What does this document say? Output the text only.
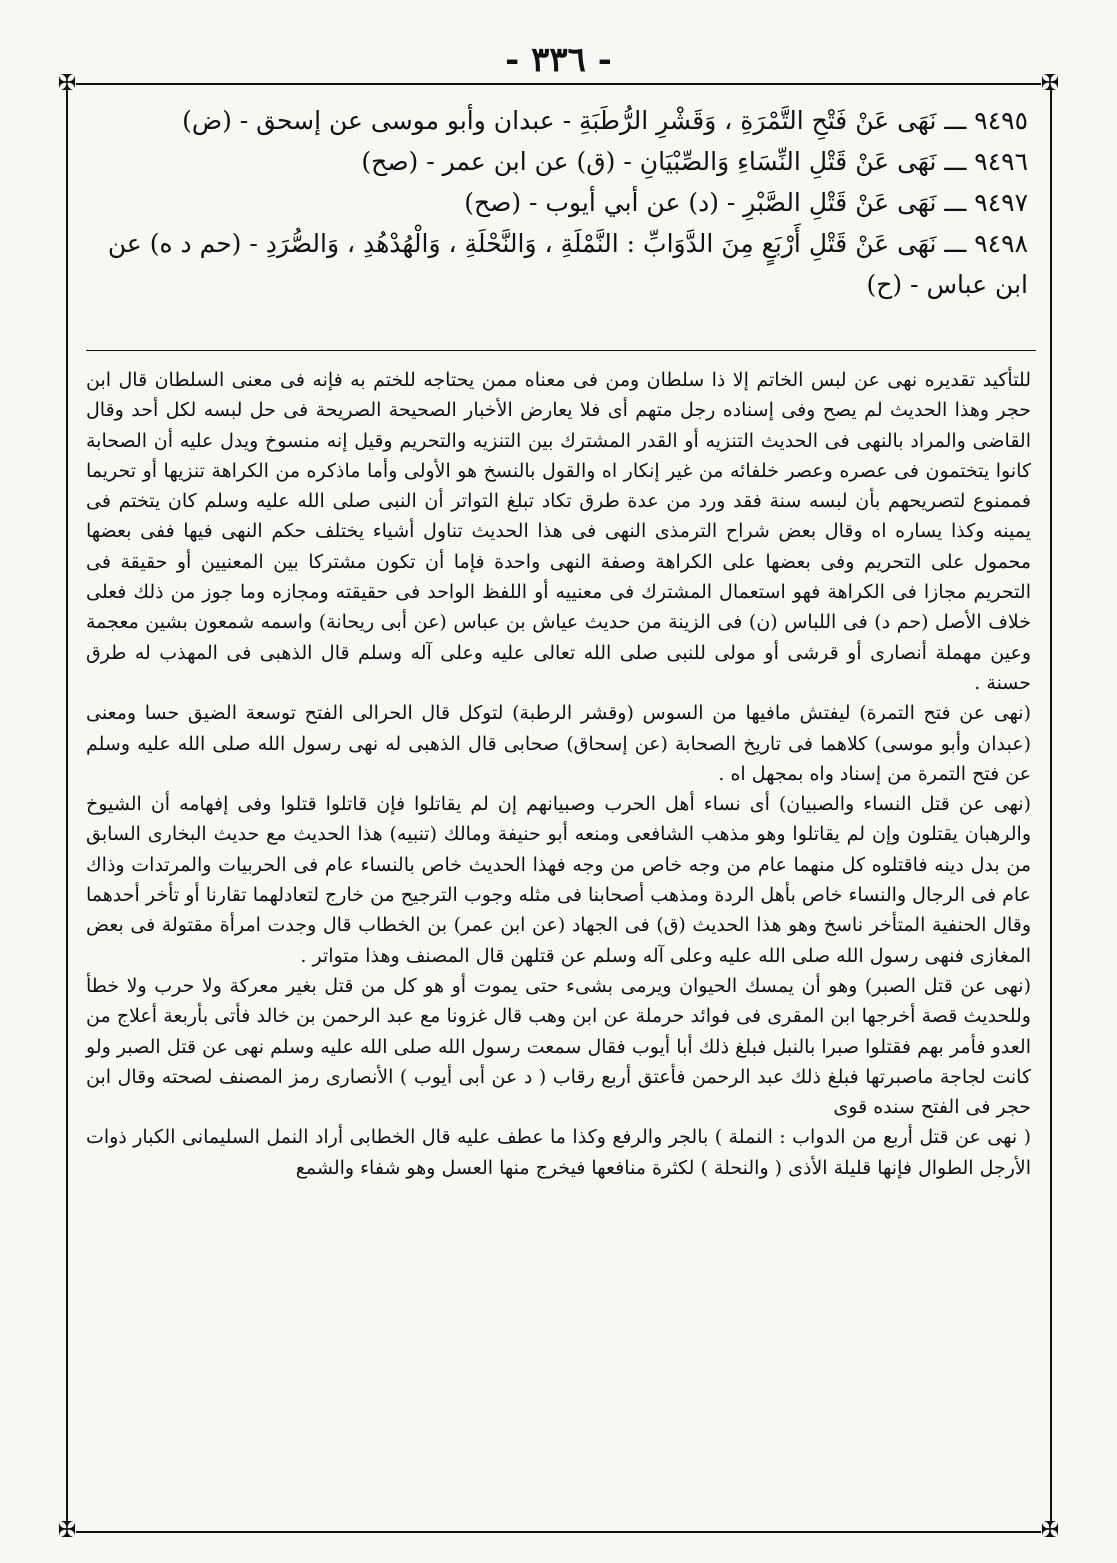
✠	✠
✠	✠
- ٣٣٦ -

٩٤٩٥ ـــ نَهَى عَنْ فَتْحِ التَّمْرَةِ ، وَقَشْرِ الرُّطَبَةِ - عبدان وأبو موسى عن إسحق - (ض)

٩٤٩٦ ـــ نَهَى عَنْ قَتْلِ النِّسَاءِ وَالصِّبْيَانِ - (ق) عن ابن عمر - (صح)

٩٤٩٧ ـــ نَهَى عَنْ قَتْلِ الصَّبْرِ - (د) عن أبي أيوب - (صح)

٩٤٩٨ ـــ نَهَى عَنْ قَتْلِ أَرْبَعٍ مِنَ الدَّوَابِّ : النَّمْلَةِ ، وَالنَّحْلَةِ ، وَالْهُدْهُدِ ، وَالصُّرَدِ - (حم د ه) عن ابن عباس - (ح)

للتأكيد تقديره نهى عن لبس الخاتم إلا ذا سلطان ومن فى معناه ممن يحتاجه للختم به فإنه فى معنى السلطان قال ابن حجر وهذا الحديث لم يصح وفى إسناده رجل متهم أى فلا يعارض الأخبار الصحيحة الصريحة فى حل لبسه لكل أحد وقال القاضى والمراد بالنهى فى الحديث التنزيه أو القدر المشترك بين التنزيه والتحريم وقيل إنه منسوخ ويدل عليه أن الصحابة كانوا يتختمون فى عصره وعصر خلفائه من غير إنكار اه والقول بالنسخ هو الأولى وأما ماذكره من الكراهة تنزيها أو تحريما فممنوع لتصريحهم بأن لبسه سنة فقد ورد من عدة طرق تكاد تبلغ التواتر أن النبى صلى الله عليه وسلم كان يتختم فى يمينه وكذا يساره اه وقال بعض شراح الترمذى النهى فى هذا الحديث تناول أشياء يختلف حكم النهى فيها ففى بعضها محمول على التحريم وفى بعضها على الكراهة وصفة النهى واحدة فإما أن تكون مشتركا بين المعنيين أو حقيقة فى التحريم مجازا فى الكراهة فهو استعمال المشترك فى معنييه أو اللفظ الواحد فى حقيقته ومجازه وما جوز من ذلك فعلى خلاف الأصل (حم د) فى اللباس (ن) فى الزينة من حديث عياش بن عباس (عن أبى ريحانة) واسمه شمعون بشين معجمة وعين مهملة أنصارى أو قرشى أو مولى للنبى صلى الله تعالى عليه وعلى آله وسلم قال الذهبى فى المهذب له طرق حسنة .

(نهى عن فتح التمرة) ليفتش مافيها من السوس (وقشر الرطبة) لتوكل قال الحرالى الفتح توسعة الضيق حسا ومعنى (عبدان وأبو موسى) كلاهما فى تاريخ الصحابة (عن إسحاق) صحابى قال الذهبى له نهى رسول الله صلى الله عليه وسلم عن فتح التمرة من إسناد واه بمجهل اه .

(نهى عن قتل النساء والصبيان) أى نساء أهل الحرب وصبيانهم إن لم يقاتلوا فإن قاتلوا قتلوا وفى إفهامه أن الشيوخ والرهبان يقتلون وإن لم يقاتلوا وهو مذهب الشافعى ومنعه أبو حنيفة ومالك (تنبيه) هذا الحديث مع حديث البخارى السابق من بدل دينه فاقتلوه كل منهما عام من وجه خاص من وجه فهذا الحديث خاص بالنساء عام فى الحربيات والمرتدات وذاك عام فى الرجال والنساء خاص بأهل الردة ومذهب أصحابنا فى مثله وجوب الترجيح من خارج لتعادلهما تقارنا أو تأخر أحدهما وقال الحنفية المتأخر ناسخ وهو هذا الحديث (ق) فى الجهاد (عن ابن عمر) بن الخطاب قال وجدت امرأة مقتولة فى بعض المغازى فنهى رسول الله صلى الله عليه وعلى آله وسلم عن قتلهن قال المصنف وهذا متواتر .

(نهى عن قتل الصبر) وهو أن يمسك الحيوان ويرمى بشىء حتى يموت أو هو كل من قتل بغير معركة ولا حرب ولا خطأ وللحديث قصة أخرجها ابن المقرى فى فوائد حرملة عن ابن وهب قال غزونا مع عبد الرحمن بن خالد فأتى بأربعة أعلاج من العدو فأمر بهم فقتلوا صبرا بالنبل فبلغ ذلك أبا أيوب فقال سمعت رسول الله صلى الله عليه وسلم نهى عن قتل الصبر ولو كانت لجاجة ماصبرتها فبلغ ذلك عبد الرحمن فأعتق أربع رقاب ( د عن أبى أيوب ) الأنصارى رمز المصنف لصحته وقال ابن حجر فى الفتح سنده قوى

( نهى عن قتل أربع من الدواب : النملة ) بالجر والرفع وكذا ما عطف عليه قال الخطابى أراد النمل السليمانى الكبار ذوات الأرجل الطوال فإنها قليلة الأذى ( والنحلة ) لكثرة منافعها فيخرج منها العسل وهو شفاء والشمع
